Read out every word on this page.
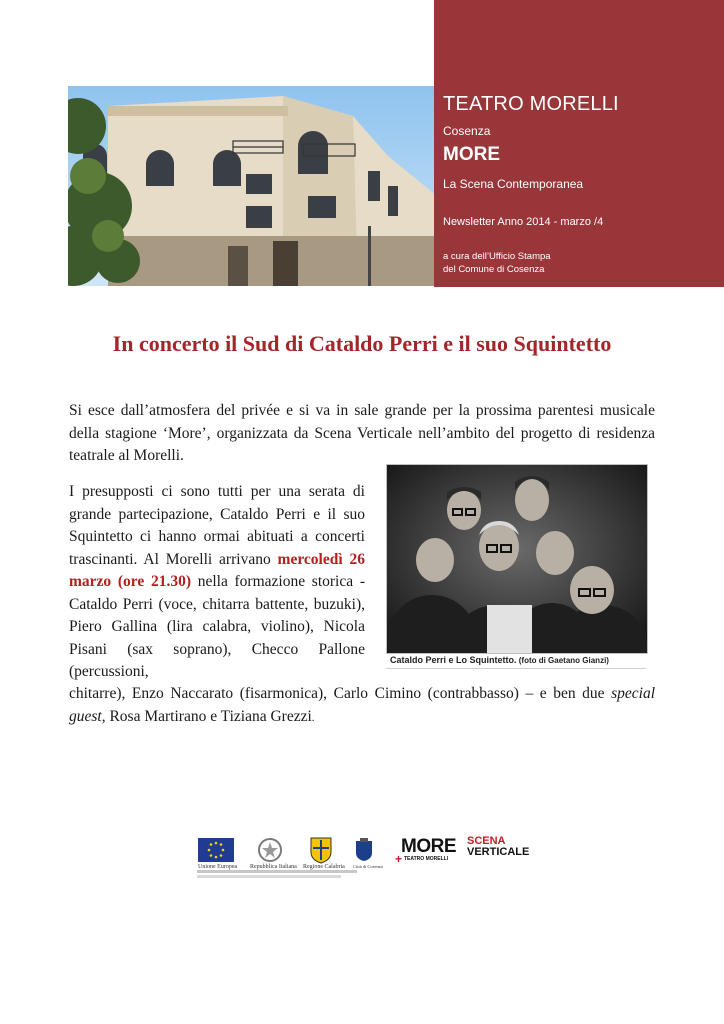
TEATRO MORELLI
Cosenza
MORE
La Scena Contemporanea
Newsletter Anno 2014 - marzo /4
a cura dell’Ufficio Stampa
del Comune di Cosenza
In concerto il Sud di Cataldo Perri e il suo Squintetto
Si esce dall’atmosfera del privée e si va in sale grande per la prossima parentesi musicale della stagione ‘More’, organizzata da Scena Verticale nell’ambito del progetto di residenza teatrale al Morelli.
I presupposti ci sono tutti per una serata di grande partecipazione, Cataldo Perri e il suo Squintetto ci hanno ormai abituati a concerti trascinanti. Al Morelli arrivano mercoledì 26 marzo (ore 21.30) nella formazione storica - Cataldo Perri (voce, chitarra battente, buzuki), Piero Gallina (lira calabra, violino), Nicola Pisani (sax soprano), Checco Pallone (percussioni,
chitarre), Enzo Naccarato (fisarmonica), Carlo Cimino (contrabbasso) – e ben due special guest, Rosa Martirano e Tiziana Grezzi.
Cataldo Perri e Lo Squintetto. (foto di Gaetano Gianzi)
Unione Europea Repubblica Italiana Regione Calabria Città di Cosenza
MORE
+ TEATRO MORELLI
SCENA
VERTICALE
